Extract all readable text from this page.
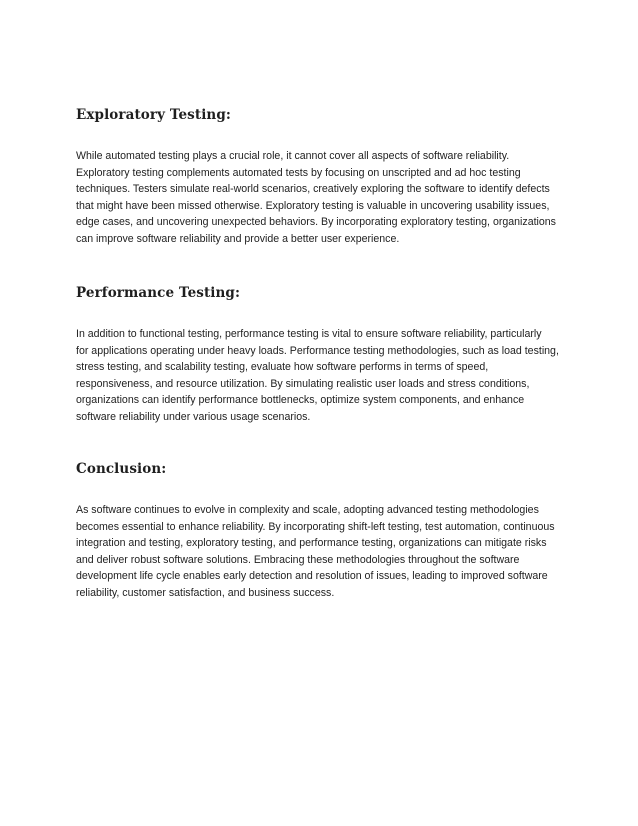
Exploratory Testing:

While automated testing plays a crucial role, it cannot cover all aspects of software reliability.
Exploratory testing complements automated tests by focusing on unscripted and ad hoc testing
techniques. Testers simulate real-world scenarios, creatively exploring the software to identify defects
that might have been missed otherwise. Exploratory testing is valuable in uncovering usability issues,
edge cases, and uncovering unexpected behaviors. By incorporating exploratory testing, organizations
can improve software reliability and provide a better user experience.

Performance Testing:

In addition to functional testing, performance testing is vital to ensure software reliability, particularly
for applications operating under heavy loads. Performance testing methodologies, such as load testing,
stress testing, and scalability testing, evaluate how software performs in terms of speed,
responsiveness, and resource utilization. By simulating realistic user loads and stress conditions,
organizations can identify performance bottlenecks, optimize system components, and enhance
software reliability under various usage scenarios.

Conclusion:

As software continues to evolve in complexity and scale, adopting advanced testing methodologies
becomes essential to enhance reliability. By incorporating shift-left testing, test automation, continuous
integration and testing, exploratory testing, and performance testing, organizations can mitigate risks
and deliver robust software solutions. Embracing these methodologies throughout the software
development life cycle enables early detection and resolution of issues, leading to improved software
reliability, customer satisfaction, and business success.
